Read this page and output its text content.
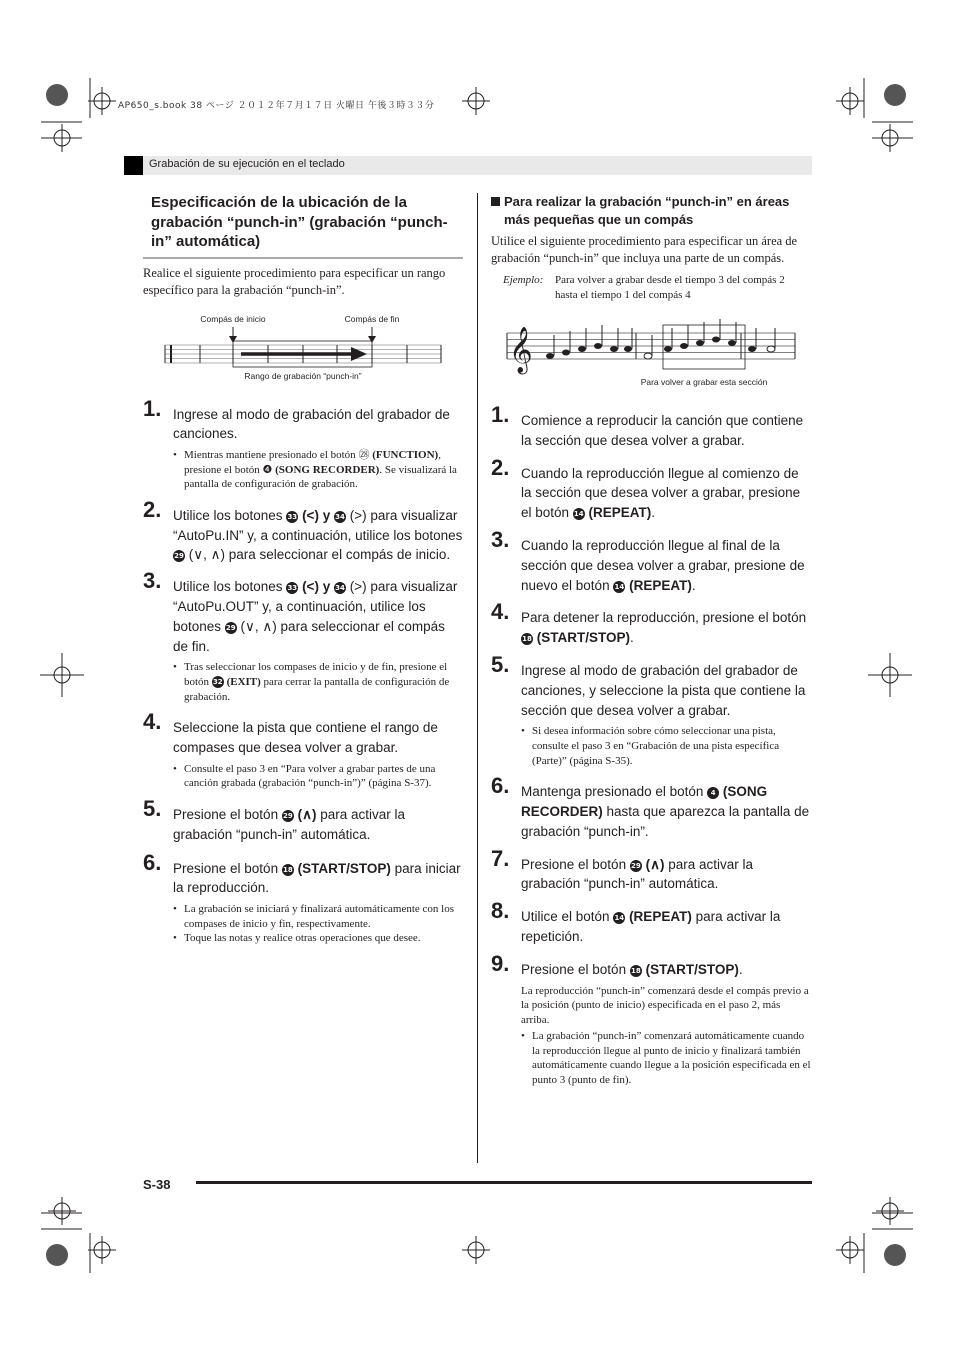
AP650_s.book 38 ページ ２０１２年７月１７日 火曜日 午後３時３３分
Grabación de su ejecución en el teclado
Especificación de la ubicación de la grabación “punch-in” (grabación “punch-in” automática)

Realice el siguiente procedimiento para especificar un rango específico para la grabación “punch-in”.

Compás de inicio	Compás de fin
Rango de grabación “punch-in”
1. Ingrese al modo de grabación del grabador de canciones.
• Mientras mantiene presionado el botón ㉘ (FUNCTION), presione el botón ❹ (SONG RECORDER). Se visualizará la pantalla de configuración de grabación.
2. Utilice los botones 33 (<) y 34 (>) para visualizar “AutoPu.IN” y, a continuación, utilice los botones 29 (∨, ∧) para seleccionar el compás de inicio.
3. Utilice los botones 33 (<) y 34 (>) para visualizar “AutoPu.OUT” y, a continuación, utilice los botones 29 (∨, ∧) para seleccionar el compás de fin.
• Tras seleccionar los compases de inicio y de fin, presione el botón 32 (EXIT) para cerrar la pantalla de configuración de grabación.
4. Seleccione la pista que contiene el rango de compases que desea volver a grabar.
• Consulte el paso 3 en “Para volver a grabar partes de una canción grabada (grabación “punch-in”)” (página S-37).
5. Presione el botón 29 (∧) para activar la grabación “punch-in” automática.
6. Presione el botón 18 (START/STOP) para iniciar la reproducción.
• La grabación se iniciará y finalizará automáticamente con los compases de inicio y fin, respectivamente.
• Toque las notas y realice otras operaciones que desee.
Para realizar la grabación “punch-in” en áreas más pequeñas que un compás

Utilice el siguiente procedimiento para especificar un área de grabación “punch-in” que incluya una parte de un compás.

Ejemplo: Para volver a grabar desde el tiempo 3 del compás 2 hasta el tiempo 1 del compás 4
𝄞
Para volver a grabar esta sección
1. Comience a reproducir la canción que contiene la sección que desea volver a grabar.
2. Cuando la reproducción llegue al comienzo de la sección que desea volver a grabar, presione el botón 14 (REPEAT).
3. Cuando la reproducción llegue al final de la sección que desea volver a grabar, presione de nuevo el botón 14 (REPEAT).
4. Para detener la reproducción, presione el botón 18 (START/STOP).
5. Ingrese al modo de grabación del grabador de canciones, y seleccione la pista que contiene la sección que desea volver a grabar.
• Si desea información sobre cómo seleccionar una pista, consulte el paso 3 en “Grabación de una pista específica (Parte)” (página S-35).
6. Mantenga presionado el botón 4 (SONG RECORDER) hasta que aparezca la pantalla de grabación “punch-in”.
7. Presione el botón 29 (∧) para activar la grabación “punch-in” automática.
8. Utilice el botón 14 (REPEAT) para activar la repetición.
9. Presione el botón 18 (START/STOP).
La reproducción “punch-in” comenzará desde el compás previo a la posición (punto de inicio) especificada en el paso 2, más arriba.
• La grabación “punch-in” comenzará automáticamente cuando la reproducción llegue al punto de inicio y finalizará también automáticamente cuando llegue a la posición especificada en el punto 3 (punto de fin).
S-38
